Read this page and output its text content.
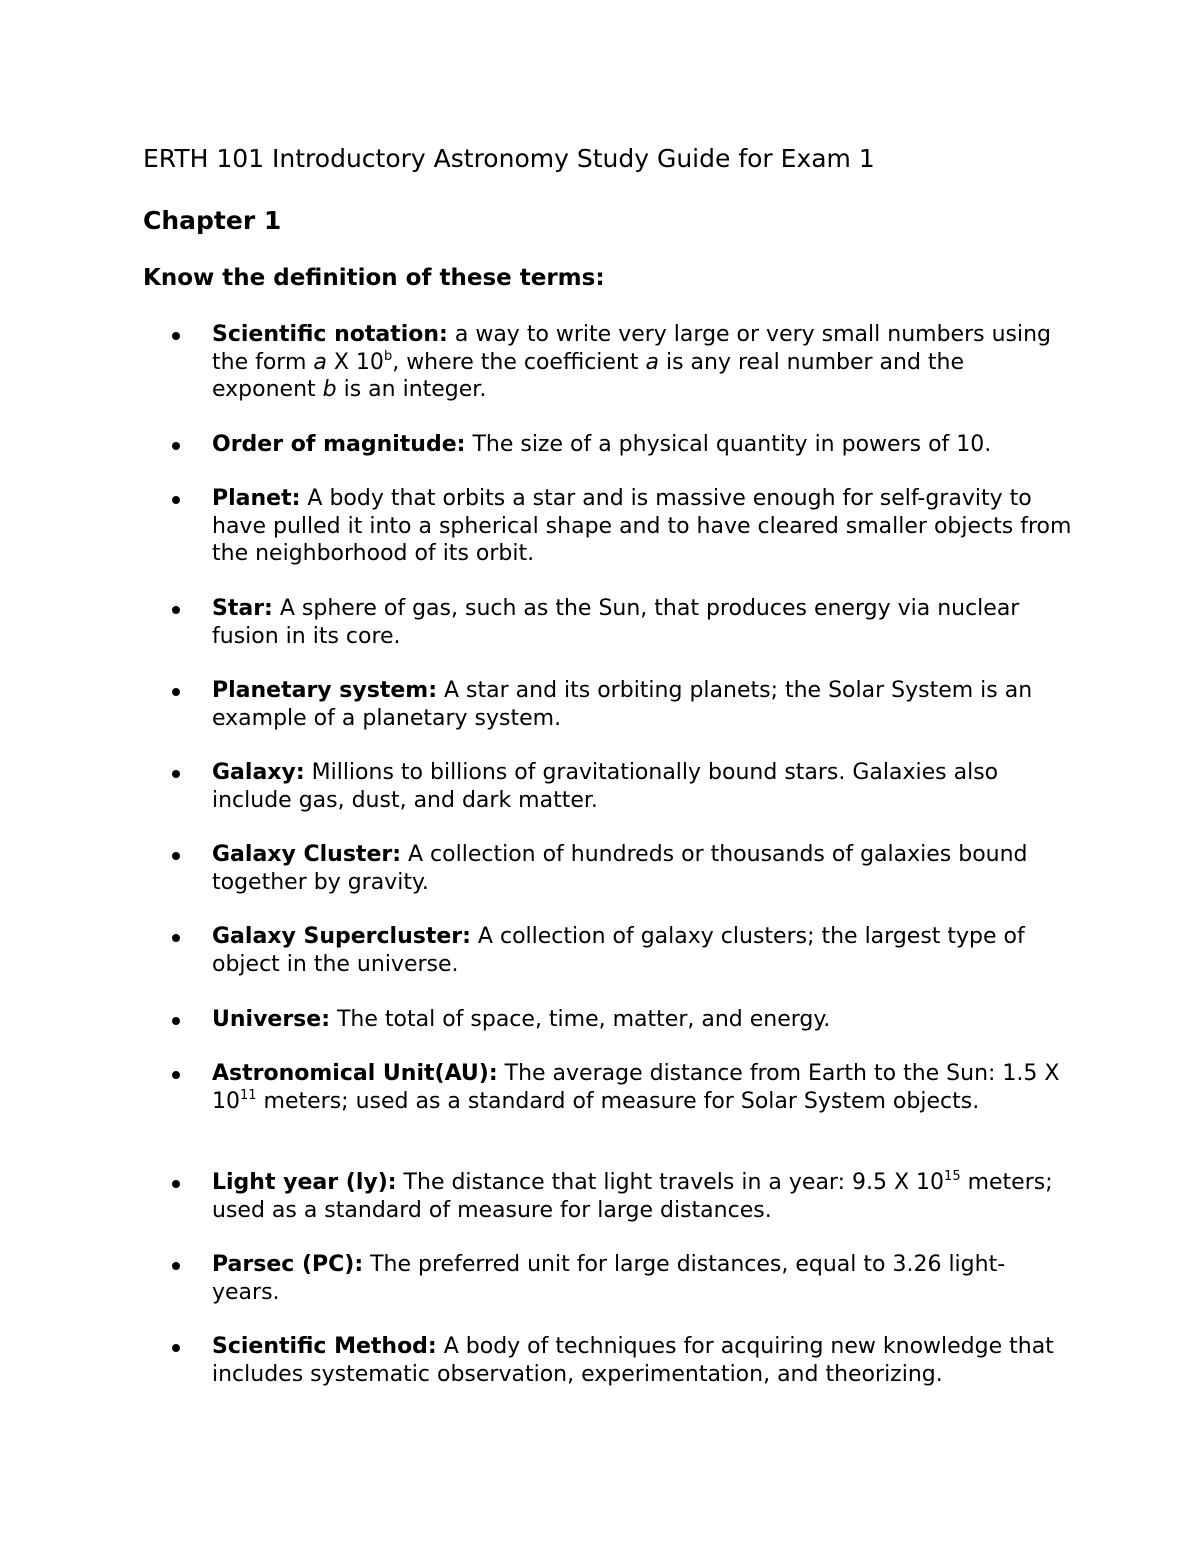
ERTH 101 Introductory Astronomy Study Guide for Exam 1
Chapter 1
Know the definition of these terms:
Scientific notation: a way to write very large or very small numbers using the form a X 10$^b$, where the coefficient a is any real number and the exponent b is an integer.
Order of magnitude: The size of a physical quantity in powers of 10.
Planet: A body that orbits a star and is massive enough for self-gravity to have pulled it into a spherical shape and to have cleared smaller objects from the neighborhood of its orbit.
Star: A sphere of gas, such as the Sun, that produces energy via nuclear fusion in its core.
Planetary system: A star and its orbiting planets; the Solar System is an example of a planetary system.
Galaxy: Millions to billions of gravitationally bound stars. Galaxies also include gas, dust, and dark matter.
Galaxy Cluster: A collection of hundreds or thousands of galaxies bound together by gravity.
Galaxy Supercluster: A collection of galaxy clusters; the largest type of object in the universe.
Universe: The total of space, time, matter, and energy.
Astronomical Unit(AU): The average distance from Earth to the Sun: 1.5 X $10^{11}$ meters; used as a standard of measure for Solar System objects.
Light year (ly): The distance that light travels in a year: 9.5 X $10^{15}$ meters; used as a standard of measure for large distances.
Parsec (PC): The preferred unit for large distances, equal to 3.26 light-years.
Scientific Method: A body of techniques for acquiring new knowledge that includes systematic observation, experimentation, and theorizing.
